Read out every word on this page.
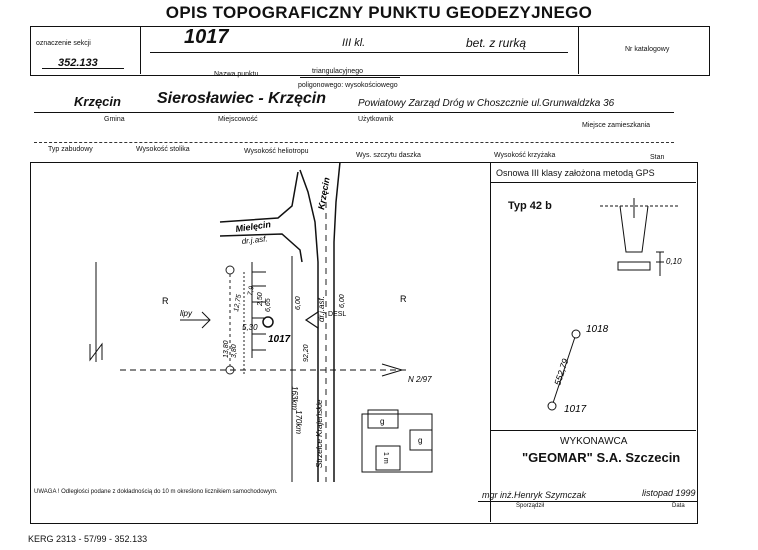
OPIS TOPOGRAFICZNY PUNKTU GEODEZYJNEGO
oznaczenie sekcji
352.133
1017	III kl.	bet. z rurką	Nr katalogowy
Nazwa punktu	triangulacyjnego
poligonowego: wysokościowego
Krzęcin Sierosławiec - Krzęcin	Powiatowy Zarząd Dróg w Choszcznie ul.Grunwaldzka 36
Gmina	Miejscowość	Użytkownik
Miejsce zamieszkania
Typ zabudowy	Wysokość stolika	Wysokość heliotropu
Wys. szczytu daszka	Wysokość krzyżaka	Stan
Krzęcin
Mielęcin
dr.j.asf.
dr.j.asf.
Strzelce Krajeńskie
R	R
lipy
1017
N 2/97
DESL
12,75
5,30
6,65
2,50	6,00	6,00
92,20
3,80
13,80
7,9
163km
170km	g
g
1 m
Osnowa III klasy założona metodą GPS
Typ 42 b
0,10
1018
1017
552,79
WYKONAWCA
"GEOMAR" S.A. Szczecin
UWAGA ! Odległości podane z dokładnością do 10 m określono licznikiem samochodowym.	mgr inż.Henryk Szymczak	listopad 1999
Sporządził	Data
KERG 2313 - 57/99 - 352.133
